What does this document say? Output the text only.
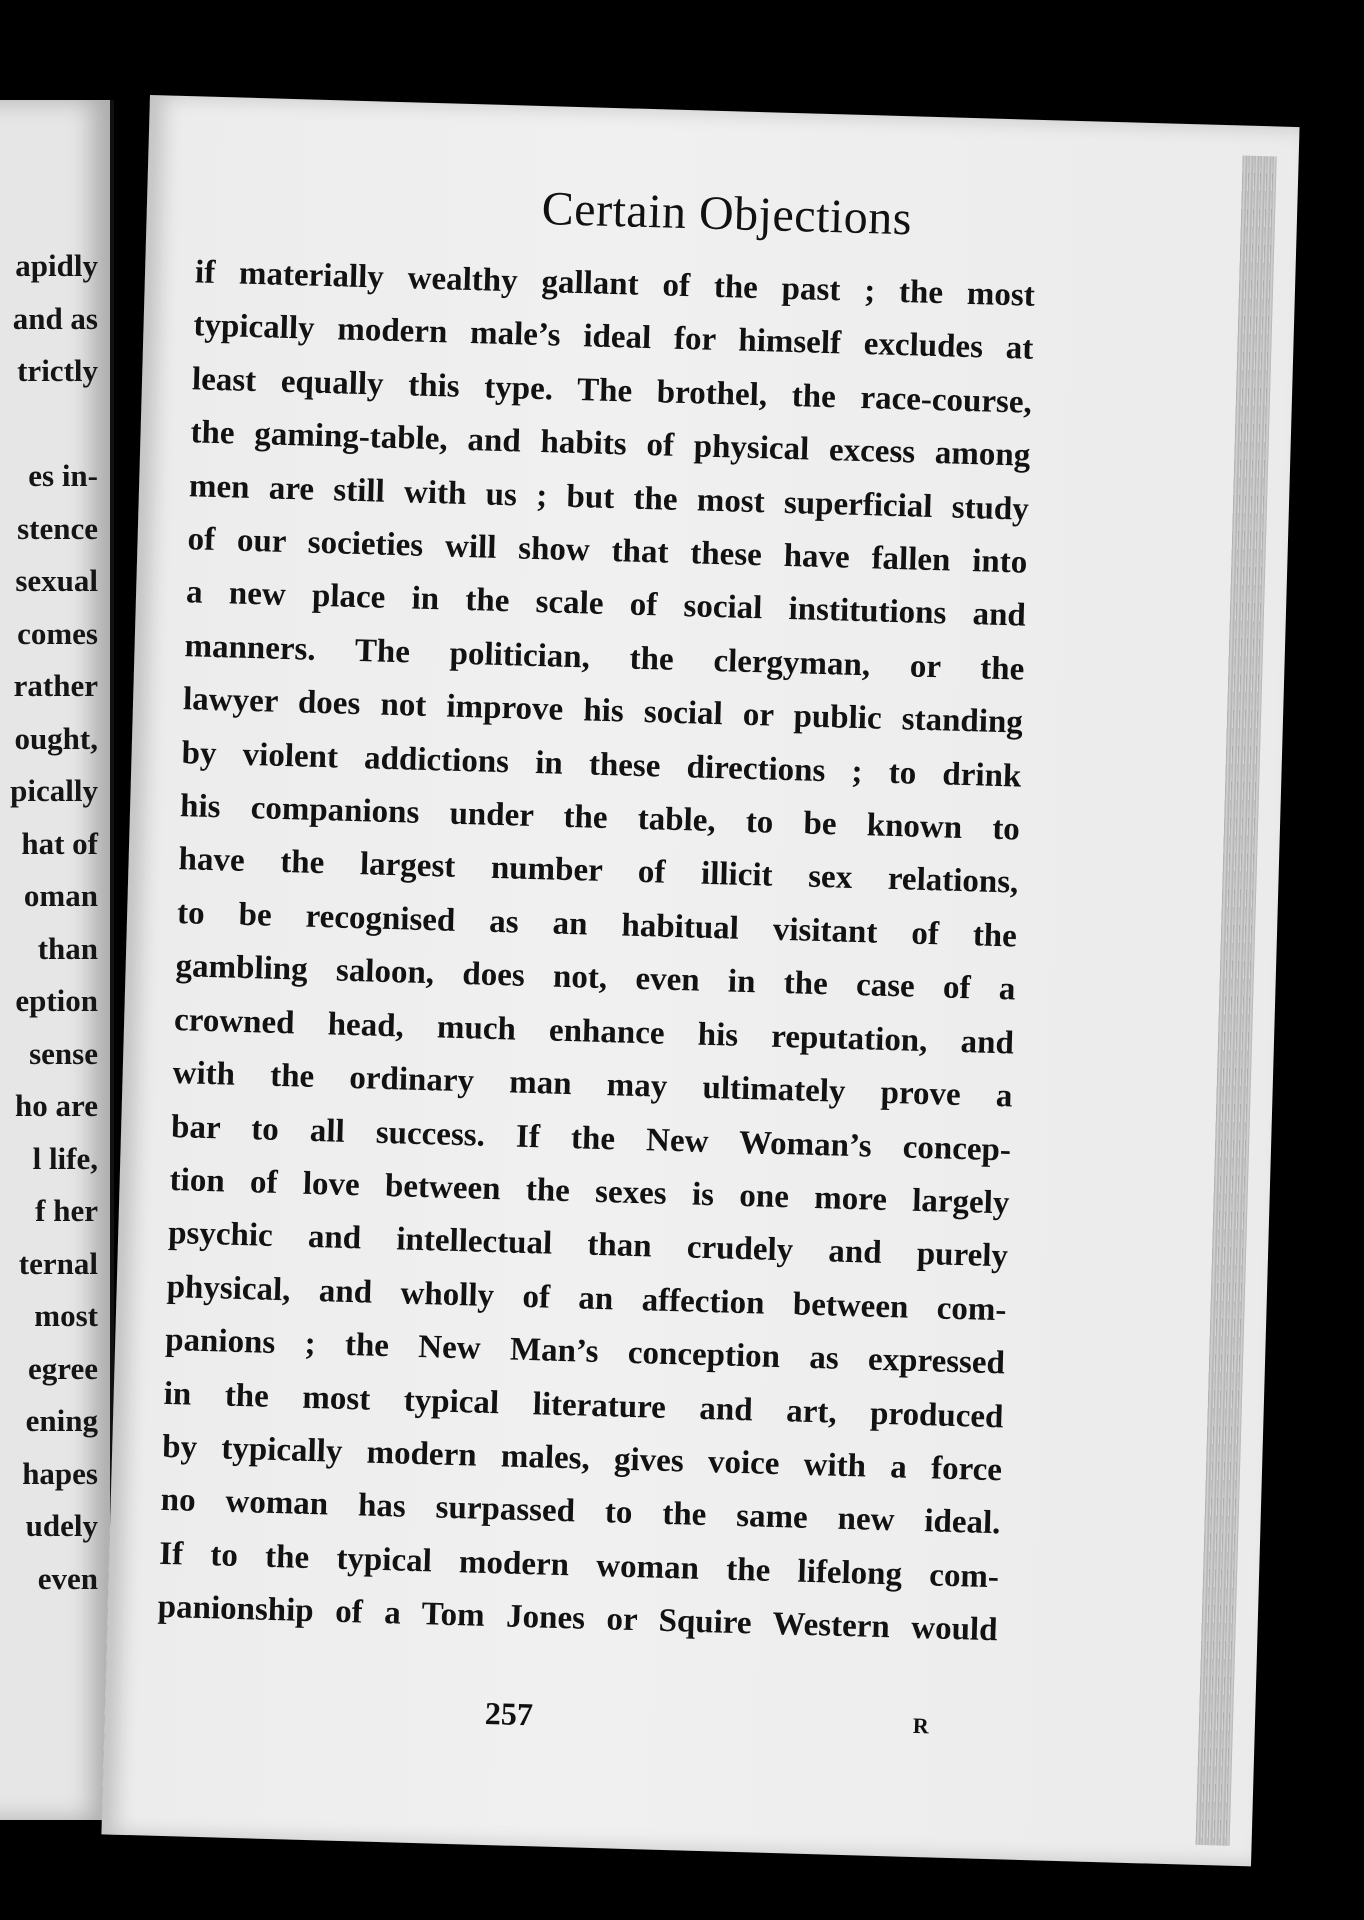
apidly
and as
trictly

es in-
stence
sexual
comes
rather
ought,
pically
hat of
oman
than
eption
sense
ho are
l life,
f her
ternal
most
egree
ening
hapes
udely
even
Certain Objections
if materially wealthy gallant of the past ; the most
typically modern male’s ideal for himself excludes at
least equally this type. The brothel, the race-course,
the gaming-table, and habits of physical excess among
men are still with us ; but the most superficial study
of our societies will show that these have fallen into
a new place in the scale of social institutions and
manners. The politician, the clergyman, or the
lawyer does not improve his social or public standing
by violent addictions in these directions ; to drink
his companions under the table, to be known to
have the largest number of illicit sex relations,
to be recognised as an habitual visitant of the
gambling saloon, does not, even in the case of a
crowned head, much enhance his reputation, and
with the ordinary man may ultimately prove a
bar to all success. If the New Woman’s concep-
tion of love between the sexes is one more largely
psychic and intellectual than crudely and purely
physical, and wholly of an affection between com-
panions ; the New Man’s conception as expressed
in the most typical literature and art, produced
by typically modern males, gives voice with a force
no woman has surpassed to the same new ideal.
If to the typical modern woman the lifelong com-
panionship of a Tom Jones or Squire Western would
257	R
